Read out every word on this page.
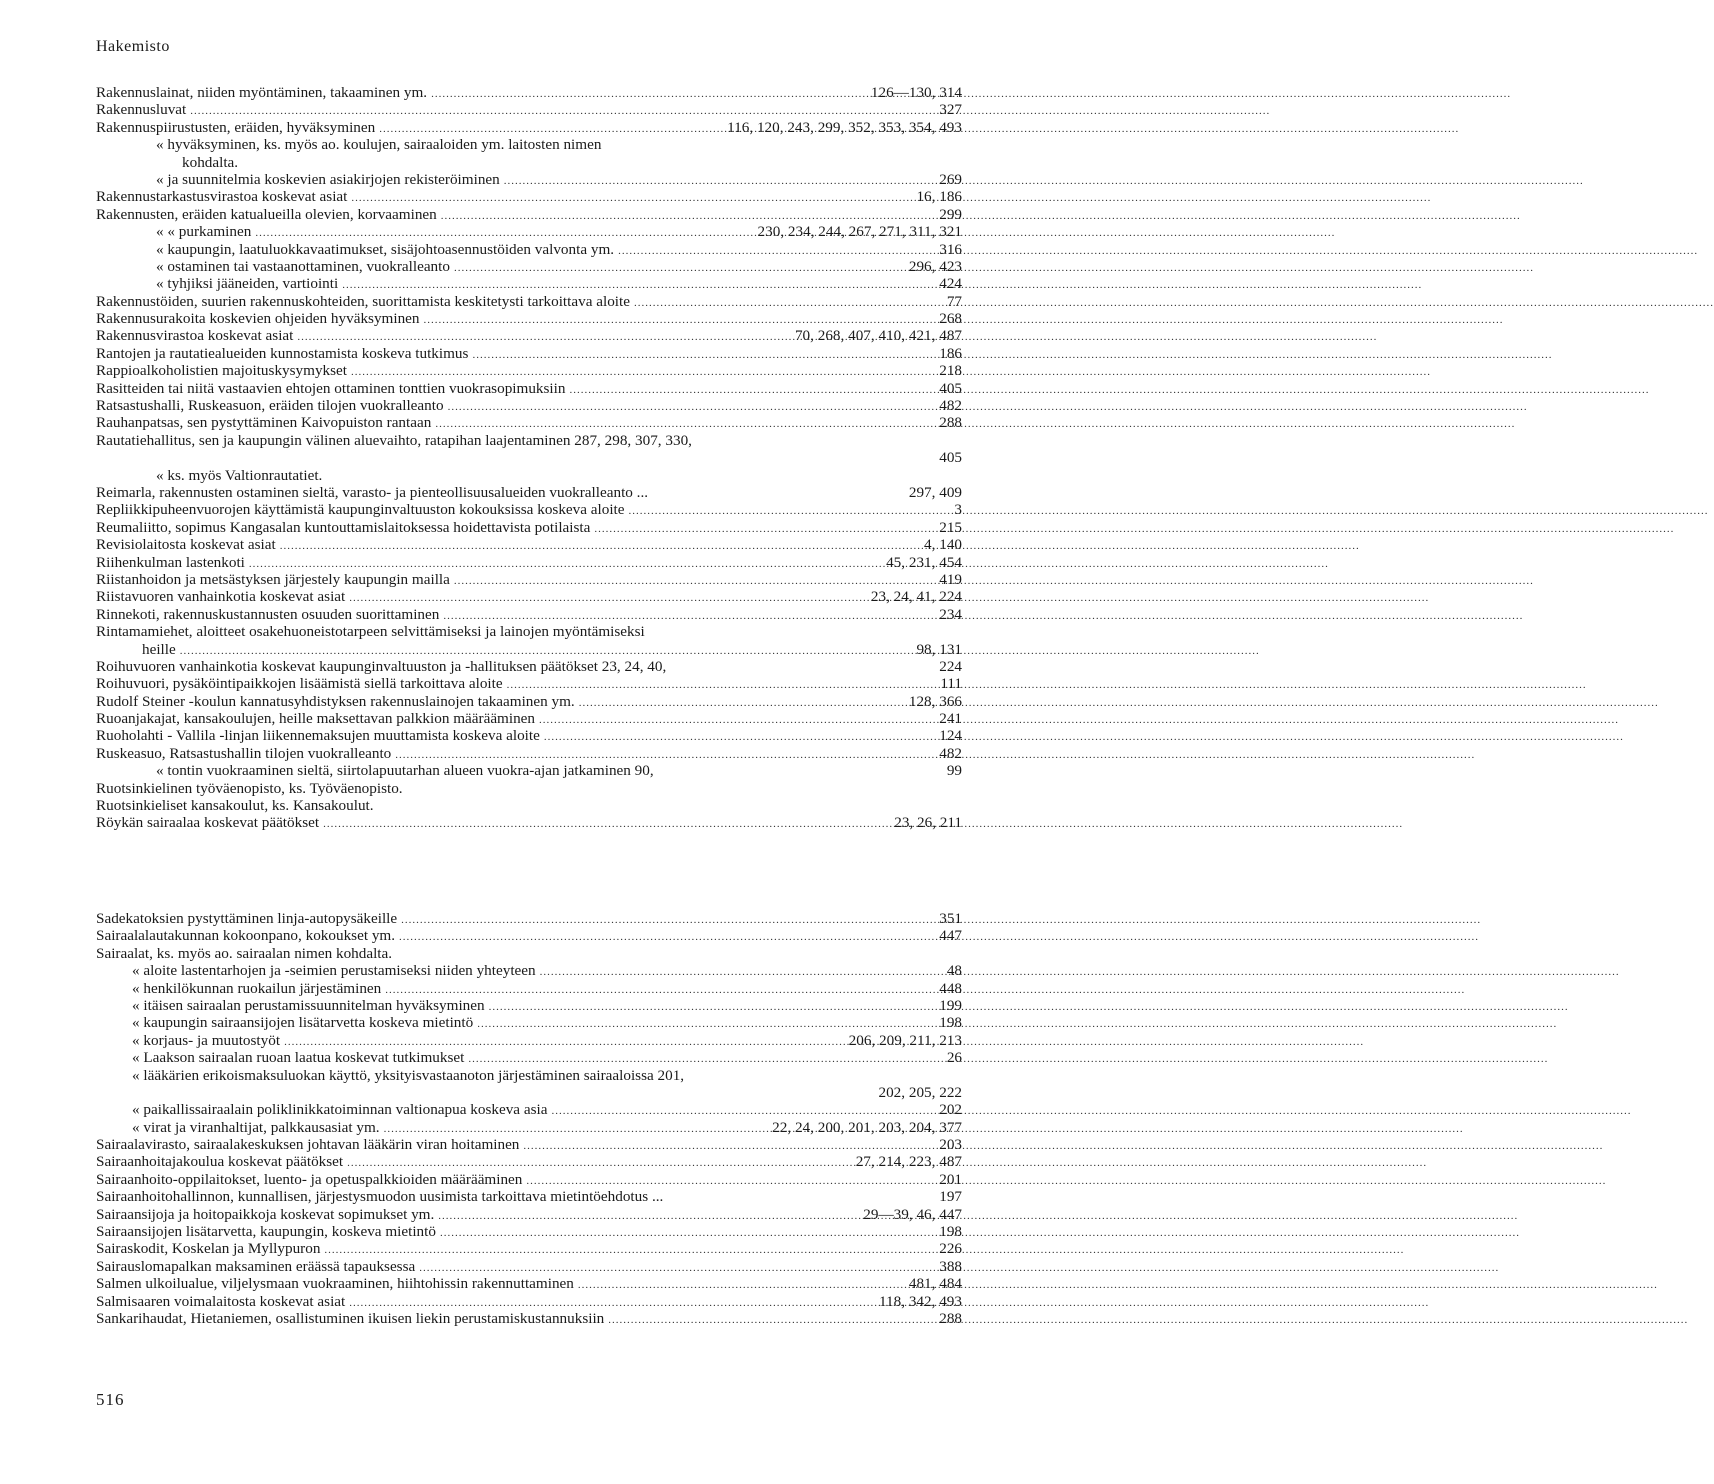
Hakemisto
Rakennuslainat, niiden myöntäminen, takaaminen ym. .....	126—130, 314
Rakennusluvat .....	327
Rakennuspiirustusten, eräiden, hyväksyminen .....	116, 120, 243, 299, 352, 353, 354, 493
« hyväksyminen, ks. myös ao. koulujen, sairaaloiden ym. laitosten nimen
kohdalta.
« ja suunnitelmia koskevien asiakirjojen rekisteröiminen .....	269
Rakennustarkastusvirastoa koskevat asiat .....	16, 186
Rakennusten, eräiden katualueilla olevien, korvaaminen .....	299
« « purkaminen .....	230, 234, 244, 267, 271, 311, 321
« kaupungin, laatuluokkavaatimukset, sisäjohtoasennustöiden valvonta ym. .....	316
« ostaminen tai vastaanottaminen, vuokralleanto .....	296, 423
« tyhjiksi jääneiden, vartiointi .....	424
Rakennustöiden, suurien rakennuskohteiden, suorittamista keskitetysti tarkoittava aloite .....	77
Rakennusurakoita koskevien ohjeiden hyväksyminen .....	268
Rakennusvirastoa koskevat asiat .....	70, 268, 407, 410, 421, 487
Rantojen ja rautatiealueiden kunnostamista koskeva tutkimus .....	186
Rappioalkoholistien majoituskysymykset .....	218
Rasitteiden tai niitä vastaavien ehtojen ottaminen tonttien vuokrasopimuksiin .....	405
Ratsastushalli, Ruskeasuon, eräiden tilojen vuokralleanto .....	482
Rauhanpatsas, sen pystyttäminen Kaivopuiston rantaan .....	288
Rautatiehallitus, sen ja kaupungin välinen aluevaihto, ratapihan laajentaminen 287, 298, 307, 330,
405
« ks. myös Valtionrautatiet.
Reimarla, rakennusten ostaminen sieltä, varasto- ja pienteollisuusalueiden vuokralleanto ...	297, 409
Repliikkipuheenvuorojen käyttämistä kaupunginvaltuuston kokouksissa koskeva aloite .....	3
Reumaliitto, sopimus Kangasalan kuntouttamislaitoksessa hoidettavista potilaista .....	215
Revisiolaitosta koskevat asiat .....	4, 140
Riihenkulman lastenkoti .....	45, 231, 454
Riistanhoidon ja metsästyksen järjestely kaupungin mailla .....	419
Riistavuoren vanhainkotia koskevat asiat .....	23, 24, 41, 224
Rinnekoti, rakennuskustannusten osuuden suorittaminen .....	234
Rintamamiehet, aloitteet osakehuoneistotarpeen selvittämiseksi ja lainojen myöntämiseksi
heille .....	98, 131
Roihuvuoren vanhainkotia koskevat kaupunginvaltuuston ja -hallituksen päätökset 23, 24, 40,	224
Roihuvuori, pysäköintipaikkojen lisäämistä siellä tarkoittava aloite .....	111
Rudolf Steiner -koulun kannatusyhdistyksen rakennuslainojen takaaminen ym. .....	128, 366
Ruoanjakajat, kansakoulujen, heille maksettavan palkkion määrääminen .....	241
Ruoholahti - Vallila -linjan liikennemaksujen muuttamista koskeva aloite .....	124
Ruskeasuo, Ratsastushallin tilojen vuokralleanto .....	482
« tontin vuokraaminen sieltä, siirtolapuutarhan alueen vuokra-ajan jatkaminen 90,	99
Ruotsinkielinen työväenopisto, ks. Työväenopisto.
Ruotsinkieliset kansakoulut, ks. Kansakoulut.
Röykän sairaalaa koskevat päätökset .....	23, 26, 211
Sadekatoksien pystyttäminen linja-autopysäkeille .....	351
Sairaalalautakunnan kokoonpano, kokoukset ym. .....	447
Sairaalat, ks. myös ao. sairaalan nimen kohdalta.
« aloite lastentarhojen ja -seimien perustamiseksi niiden yhteyteen .....	48
« henkilökunnan ruokailun järjestäminen .....	448
« itäisen sairaalan perustamissuunnitelman hyväksyminen .....	199
« kaupungin sairaansijojen lisätarvetta koskeva mietintö .....	198
« korjaus- ja muutostyöt .....	206, 209, 211, 213
« Laakson sairaalan ruoan laatua koskevat tutkimukset .....	26
« lääkärien erikoismaksuluokan käyttö, yksityisvastaanoton järjestäminen sairaaloissa 201,
202, 205, 222
« paikallissairaalain poliklinikkatoiminnan valtionapua koskeva asia .....	202
« virat ja viranhaltijat, palkkausasiat ym. .....	22, 24, 200, 201, 203, 204, 377
Sairaalavirasto, sairaalakeskuksen johtavan lääkärin viran hoitaminen .....	203
Sairaanhoitajakoulua koskevat päätökset .....	27, 214, 223, 487
Sairaanhoito-oppilaitokset, luento- ja opetuspalkkioiden määrääminen .....	201
Sairaanhoitohallinnon, kunnallisen, järjestysmuodon uusimista tarkoittava mietintöehdotus ...	197
Sairaansijoja ja hoitopaikkoja koskevat sopimukset ym. .....	29—39, 46, 447
Sairaansijojen lisätarvetta, kaupungin, koskeva mietintö .....	198
Sairaskodit, Koskelan ja Myllypuron .....	226
Sairauslomapalkan maksaminen eräässä tapauksessa .....	388
Salmen ulkoilualue, viljelysmaan vuokraaminen, hiihtohissin rakennuttaminen .....	481, 484
Salmisaaren voimalaitosta koskevat asiat .....	118, 342, 493
Sankarihaudat, Hietaniemen, osallistuminen ikuisen liekin perustamiskustannuksiin .....	288
516
